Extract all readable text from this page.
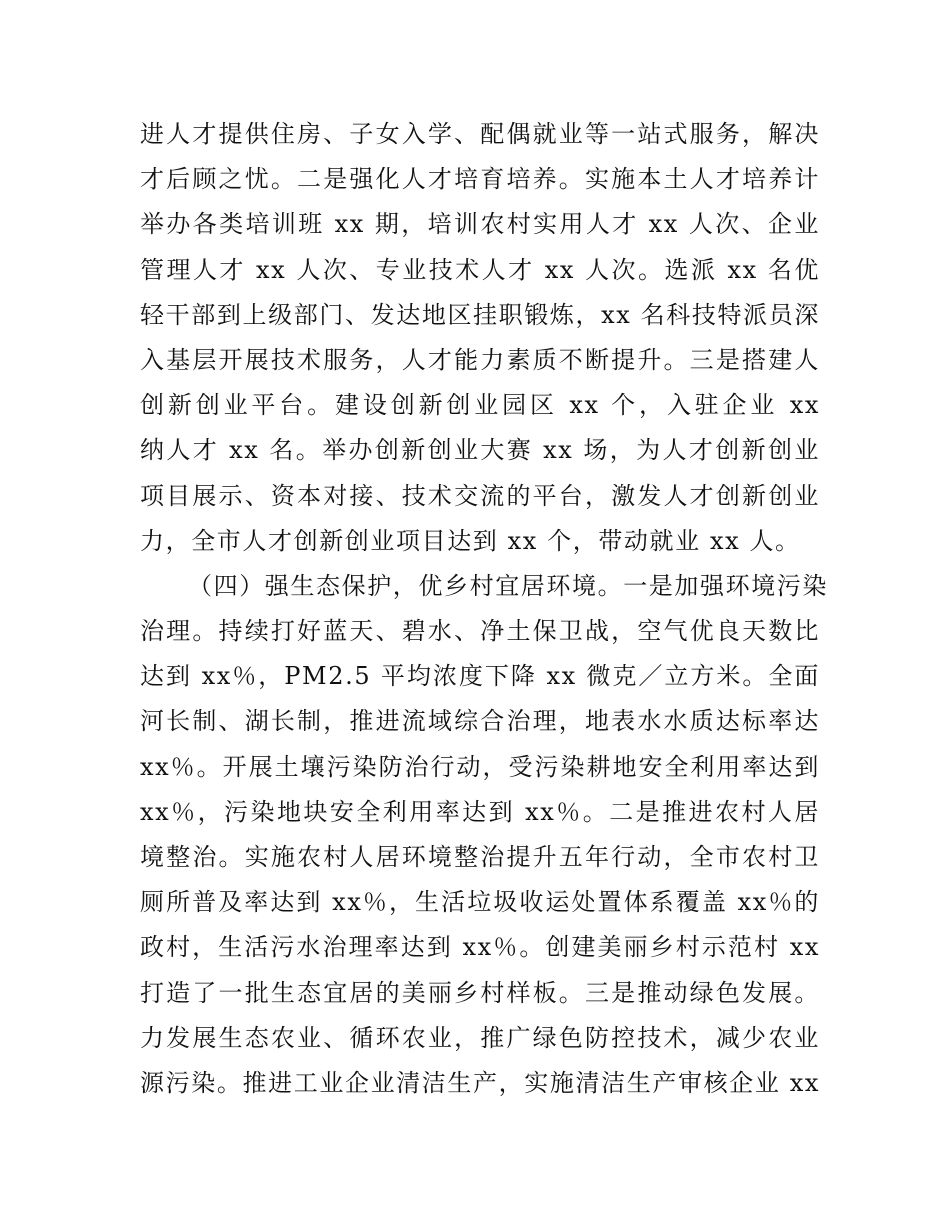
进人才提供住房、子女入学、配偶就业等一站式服务，解决
才后顾之忧。二是强化人才培育培养。实施本土人才培养计
举办各类培训班 xx 期，培训农村实用人才 xx 人次、企业
管理人才 xx 人次、专业技术人才 xx 人次。选派 xx 名优
轻干部到上级部门、发达地区挂职锻炼，xx 名科技特派员深
入基层开展技术服务，人才能力素质不断提升。三是搭建人
创新创业平台。建设创新创业园区 xx 个，入驻企业 xx
纳人才 xx 名。举办创新创业大赛 xx 场，为人才创新创业
项目展示、资本对接、技术交流的平台，激发人才创新创业
力，全市人才创新创业项目达到 xx 个，带动就业 xx 人。
（四）强生态保护，优乡村宜居环境。一是加强环境污染
治理。持续打好蓝天、碧水、净土保卫战，空气优良天数比
达到 xx％，PM2.5 平均浓度下降 xx 微克／立方米。全面
河长制、湖长制，推进流域综合治理，地表水水质达标率达
xx％。开展土壤污染防治行动，受污染耕地安全利用率达到
xx％，污染地块安全利用率达到 xx％。二是推进农村人居
境整治。实施农村人居环境整治提升五年行动，全市农村卫
厕所普及率达到 xx％，生活垃圾收运处置体系覆盖 xx％的
政村，生活污水治理率达到 xx％。创建美丽乡村示范村 xx
打造了一批生态宜居的美丽乡村样板。三是推动绿色发展。
力发展生态农业、循环农业，推广绿色防控技术，减少农业
源污染。推进工业企业清洁生产，实施清洁生产审核企业 xx
